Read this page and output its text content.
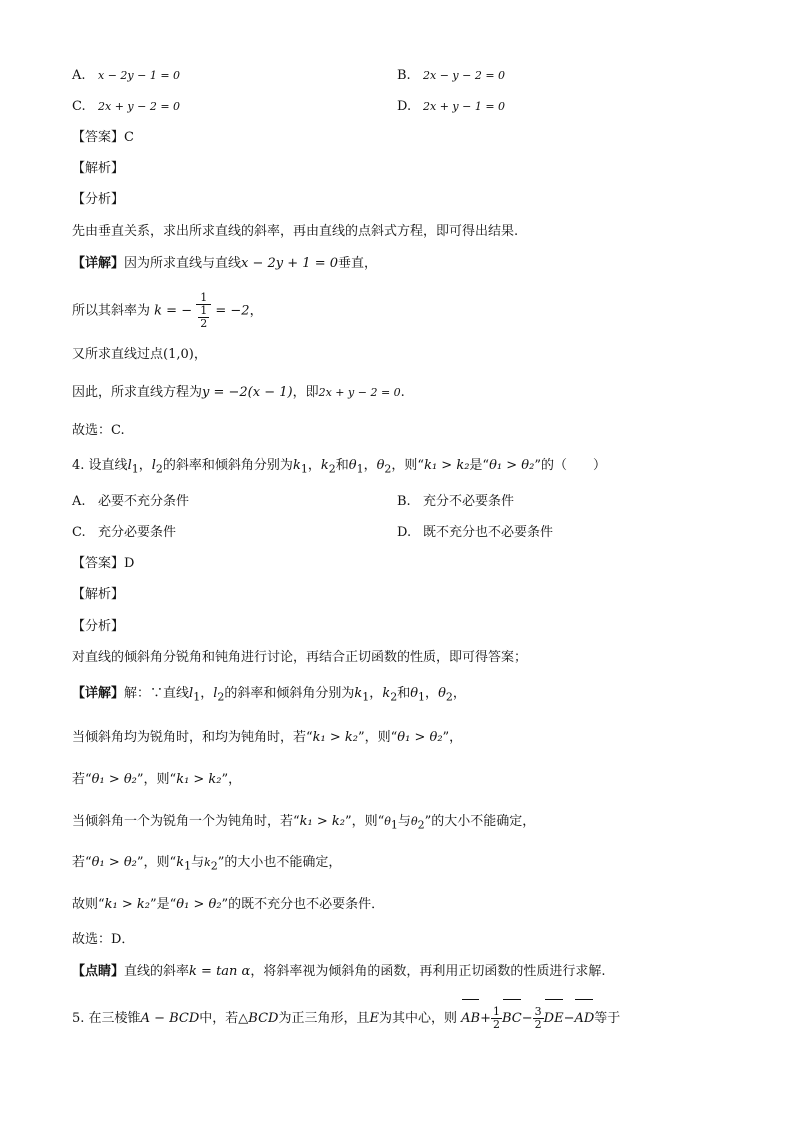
A. x − 2y − 1 = 0	B. 2x − y − 2 = 0
C. 2x + y − 2 = 0	D. 2x + y − 1 = 0
【答案】C
【解析】
【分析】
先由垂直关系，求出所求直线的斜率，再由直线的点斜式方程，即可得出结果.
【详解】因为所求直线与直线x − 2y + 1 = 0垂直，
所以其斜率为 k = − $\frac{1}{\frac{1}{2}} = -2$，
又所求直线过点(1,0)，
因此，所求直线方程为y = −2(x − 1)，即2x + y − 2 = 0.
故选：C.
4. 设直线$l_1$，$l_2$的斜率和倾斜角分别为$k_1$，$k_2$和$\theta_1$，$\theta_2$，则“k₁ > k₂是“θ₁ > θ₂”的（　　）
A. 必要不充分条件	B. 充分不必要条件
C. 充分必要条件	D. 既不充分也不必要条件
【答案】D
【解析】
【分析】
对直线的倾斜角分锐角和钝角进行讨论，再结合正切函数的性质，即可得答案；
【详解】解：∵直线$l_1$，$l_2$的斜率和倾斜角分别为$k_1$，$k_2$和$\theta_1$，$\theta_2$，
当倾斜角均为锐角时，和均为钝角时，若“k₁ > k₂”，则“θ₁ > θ₂”，
若“θ₁ > θ₂”，则“k₁ > k₂”，
当倾斜角一个为锐角一个为钝角时，若“k₁ > k₂”，则“$\theta_1$与$\theta_2$”的大小不能确定，
若“θ₁ > θ₂”，则“$k_1$与$k_2$”的大小也不能确定，
故则“k₁ > k₂”是“θ₁ > θ₂”的既不充分也不必要条件．
故选：D．
【点睛】直线的斜率k = tan α，将斜率视为倾斜角的函数，再利用正切函数的性质进行求解.
5. 在三棱锥A − BCD中，若△BCD为正三角形，且E为其中心，则 $AB+ \frac{1}{2} BC- \frac{3}{2} DE-AD$等于
